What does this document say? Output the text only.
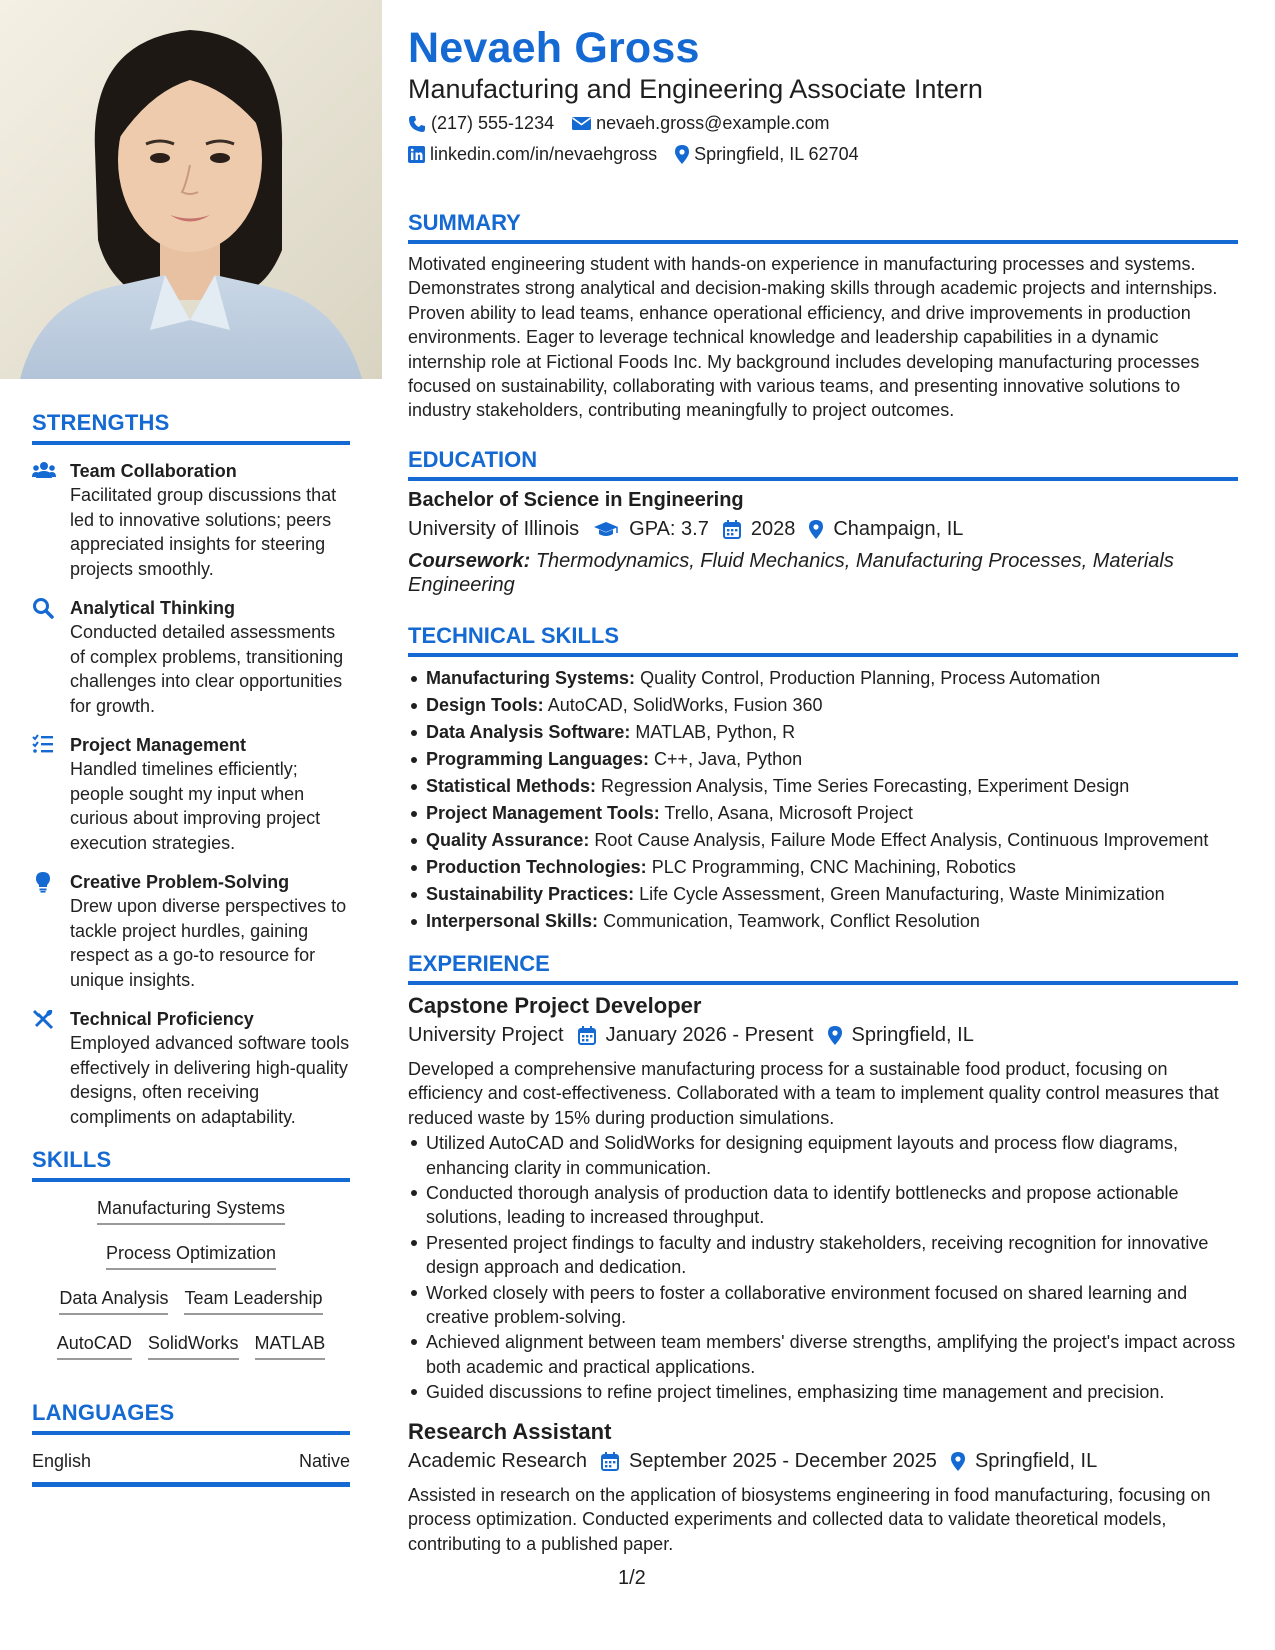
STRENGTHS
Team Collaboration
Facilitated group discussions that led to innovative solutions; peers appreciated insights for steering projects smoothly.
Analytical Thinking
Conducted detailed assessments of complex problems, transitioning challenges into clear opportunities for growth.
Project Management
Handled timelines efficiently; people sought my input when curious about improving project execution strategies.
Creative Problem-Solving
Drew upon diverse perspectives to tackle project hurdles, gaining respect as a go-to resource for unique insights.
Technical Proficiency
Employed advanced software tools effectively in delivering high-quality designs, often receiving compliments on adaptability.
SKILLS
Manufacturing Systems
Process Optimization
Data Analysis Team Leadership
AutoCAD SolidWorks MATLAB
LANGUAGES
English	Native
Nevaeh Gross
Manufacturing and Engineering Associate Intern
(217) 555-1234 nevaeh.gross@example.com
linkedin.com/in/nevaehgross Springfield, IL 62704
SUMMARY
Motivated engineering student with hands-on experience in manufacturing processes and systems. Demonstrates strong analytical and decision-making skills through academic projects and internships. Proven ability to lead teams, enhance operational efficiency, and drive improvements in production environments. Eager to leverage technical knowledge and leadership capabilities in a dynamic internship role at Fictional Foods Inc. My background includes developing manufacturing processes focused on sustainability, collaborating with various teams, and presenting innovative solutions to industry stakeholders, contributing meaningfully to project outcomes.
EDUCATION
Bachelor of Science in Engineering
University of Illinois	GPA: 3.7 2028 Champaign, IL
Coursework: Thermodynamics, Fluid Mechanics, Manufacturing Processes, Materials Engineering
TECHNICAL SKILLS
Manufacturing Systems: Quality Control, Production Planning, Process Automation
Design Tools: AutoCAD, SolidWorks, Fusion 360
Data Analysis Software: MATLAB, Python, R
Programming Languages: C++, Java, Python
Statistical Methods: Regression Analysis, Time Series Forecasting, Experiment Design
Project Management Tools: Trello, Asana, Microsoft Project
Quality Assurance: Root Cause Analysis, Failure Mode Effect Analysis, Continuous Improvement
Production Technologies: PLC Programming, CNC Machining, Robotics
Sustainability Practices: Life Cycle Assessment, Green Manufacturing, Waste Minimization
Interpersonal Skills: Communication, Teamwork, Conflict Resolution
EXPERIENCE
Capstone Project Developer
University Project January 2026 - Present Springfield, IL
Developed a comprehensive manufacturing process for a sustainable food product, focusing on efficiency and cost-effectiveness. Collaborated with a team to implement quality control measures that reduced waste by 15% during production simulations.
Utilized AutoCAD and SolidWorks for designing equipment layouts and process flow diagrams, enhancing clarity in communication.
Conducted thorough analysis of production data to identify bottlenecks and propose actionable solutions, leading to increased throughput.
Presented project findings to faculty and industry stakeholders, receiving recognition for innovative design approach and dedication.
Worked closely with peers to foster a collaborative environment focused on shared learning and creative problem-solving.
Achieved alignment between team members' diverse strengths, amplifying the project's impact across both academic and practical applications.
Guided discussions to refine project timelines, emphasizing time management and precision.
Research Assistant
Academic Research September 2025 - December 2025 Springfield, IL
Assisted in research on the application of biosystems engineering in food manufacturing, focusing on process optimization. Conducted experiments and collected data to validate theoretical models, contributing to a published paper.
1/2
